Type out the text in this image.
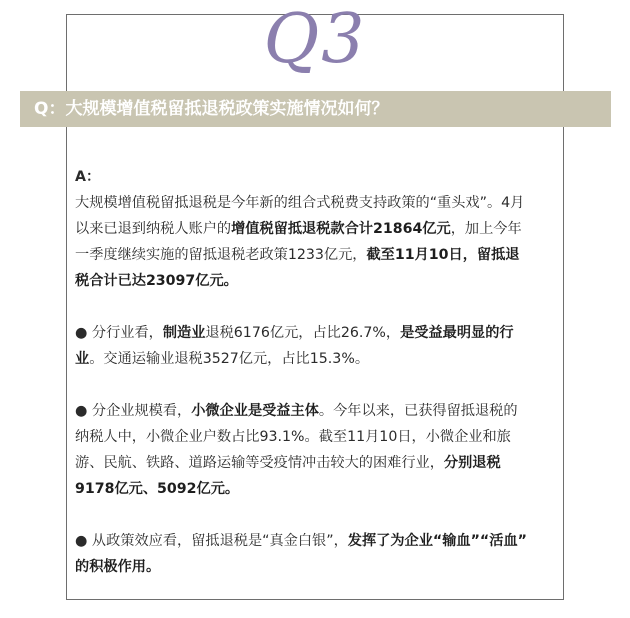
Q3
Q：大规模增值税留抵退税政策实施情况如何？

A：

大规模增值税留抵退税是今年新的组合式税费支持政策的“重头戏”。4月

以来已退到纳税人账户的增值税留抵退税款合计21864亿元，加上今年

一季度继续实施的留抵退税老政策1233亿元，截至11月10日，留抵退

税合计已达23097亿元。

● 分行业看，制造业退税6176亿元，占比26.7%，是受益最明显的行

业。交通运输业退税3527亿元，占比15.3%。

● 分企业规模看，小微企业是受益主体。今年以来，已获得留抵退税的

纳税人中，小微企业户数占比93.1%。截至11月10日，小微企业和旅

游、民航、铁路、道路运输等受疫情冲击较大的困难行业，分别退税

9178亿元、5092亿元。

● 从政策效应看，留抵退税是“真金白银”，发挥了为企业“输血”“活血”

的积极作用。
